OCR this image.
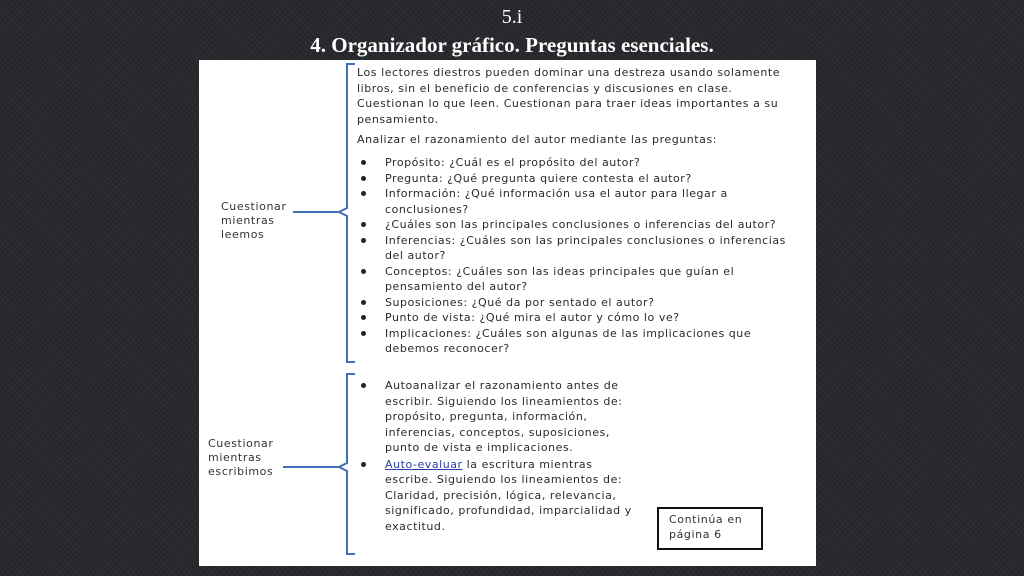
5.i
4. Organizador gráfico. Preguntas esenciales.
Cuestionar mientras leemos
Cuestionar mientras escribimos
Los lectores diestros pueden dominar una destreza usando solamente libros, sin el beneficio de conferencias y discusiones en clase. Cuestionan lo que leen. Cuestionan para traer ideas importantes a su pensamiento.
Analizar el razonamiento del autor mediante las preguntas:
Propósito: ¿Cuál es el propósito del autor?
Pregunta: ¿Qué pregunta quiere contesta el autor?
Información: ¿Qué información usa el autor para llegar a conclusiones?
¿Cuáles son las principales conclusiones o inferencias del autor?
Inferencias: ¿Cuáles son las principales conclusiones o inferencias del autor?
Conceptos: ¿Cuáles son las ideas principales que guían el pensamiento del autor?
Suposiciones: ¿Qué da por sentado el autor?
Punto de vista: ¿Qué mira el autor y cómo lo ve?
Implicaciones: ¿Cuáles son algunas de las implicaciones que debemos reconocer?
Autoanalizar el razonamiento antes de escribir. Siguiendo los lineamientos de: propósito, pregunta, información, inferencias, conceptos, suposiciones, punto de vista e implicaciones.
Auto-evaluar la escritura mientras escribe. Siguiendo los lineamientos de: Claridad, precisión, lógica, relevancia, significado, profundidad, imparcialidad y exactitud.	Continúa en página 6
